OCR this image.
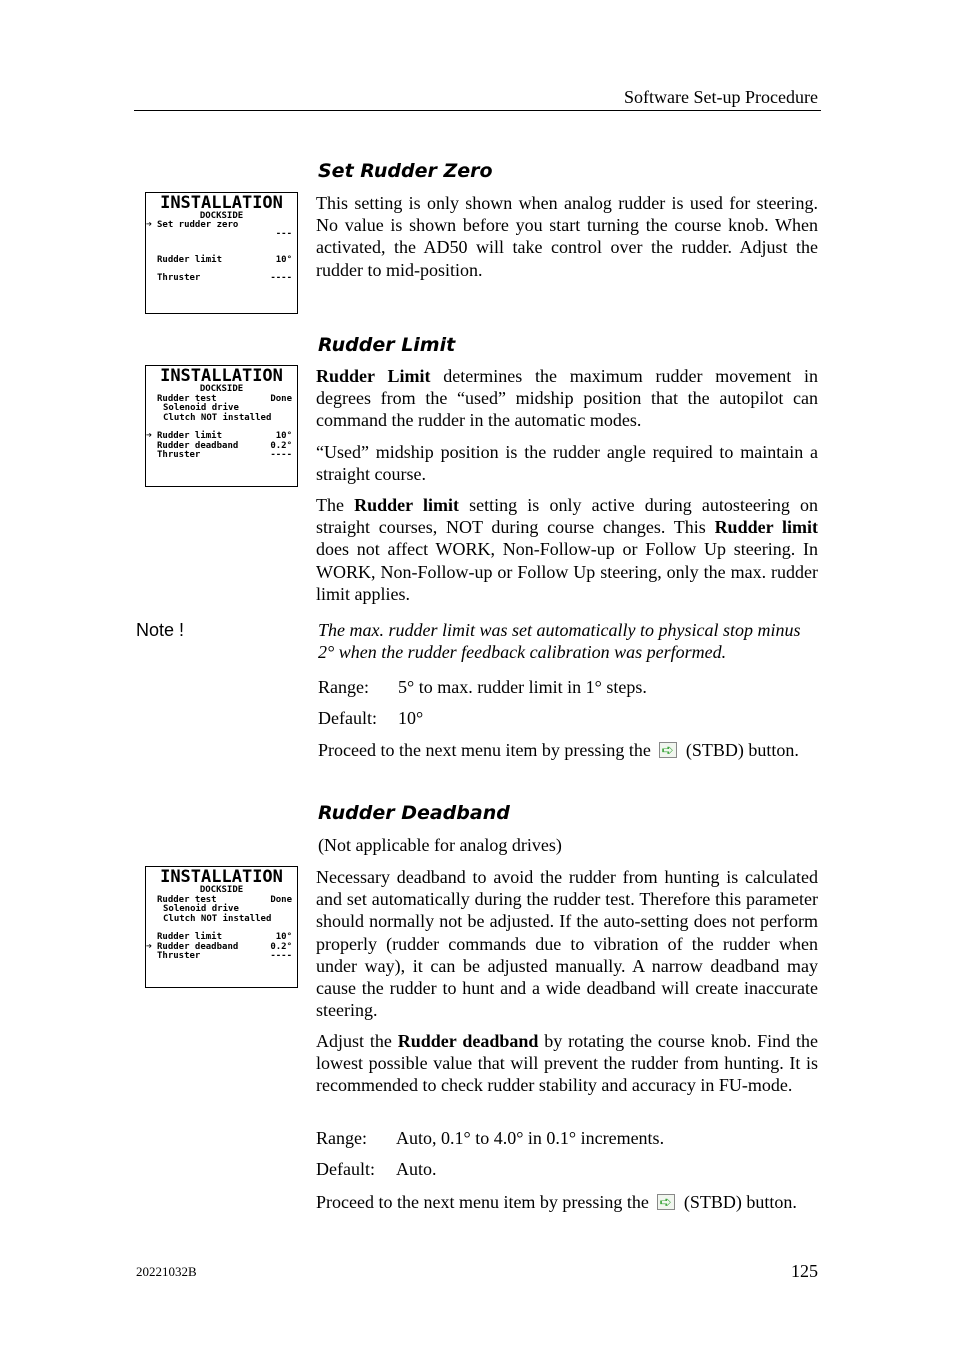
Software Set-up Procedure
Set Rudder Zero
INSTALLATION
DOCKSIDE
➔ Set rudder zero
---
Rudder limit	10°
Thruster	----
This setting is only shown when analog rudder is used for steering. No value is shown before you start turning the course knob. When activated, the AD50 will take control over the rudder. Adjust the rudder to mid-position.
Rudder Limit
INSTALLATION
DOCKSIDE
Rudder test	Done
Solenoid drive
Clutch NOT installed
➔ Rudder limit	10°
Rudder deadband	0.2°
Thruster	----
Rudder Limit determines the maximum rudder movement in degrees from the “used” midship position that the autopilot can command the rudder in the automatic modes.
“Used” midship position is the rudder angle required to maintain a straight course.
The Rudder limit setting is only active during autosteering on straight courses, NOT during course changes. This Rudder limit does not affect WORK, Non-Follow-up or Follow Up steering. In WORK, Non-Follow-up or Follow Up steering, only the max. rudder limit applies.
Note !	The max. rudder limit was set automatically to physical stop minus 2° when the rudder feedback calibration was performed.
Range: 5° to max. rudder limit in 1° steps.
Default: 10°
Proceed to the next menu item by pressing the ➪ (STBD) button.
Rudder Deadband
(Not applicable for analog drives)
INSTALLATION
DOCKSIDE
Rudder test	Done
Solenoid drive
Clutch NOT installed
Rudder limit	10°
➔ Rudder deadband	0.2°
Thruster	----
Necessary deadband to avoid the rudder from hunting is calculated and set automatically during the rudder test. Therefore this parameter should normally not be adjusted. If the auto-setting does not perform properly (rudder commands due to vibration of the rudder when under way), it can be adjusted manually. A narrow deadband may cause the rudder to hunt and a wide deadband will create inaccurate steering.
Adjust the Rudder deadband by rotating the course knob. Find the lowest possible value that will prevent the rudder from hunting. It is recommended to check rudder stability and accuracy in FU-mode.
Range: Auto, 0.1° to 4.0° in 0.1° increments.
Default: Auto.
Proceed to the next menu item by pressing the ➪ (STBD) button.
20221032B	125
